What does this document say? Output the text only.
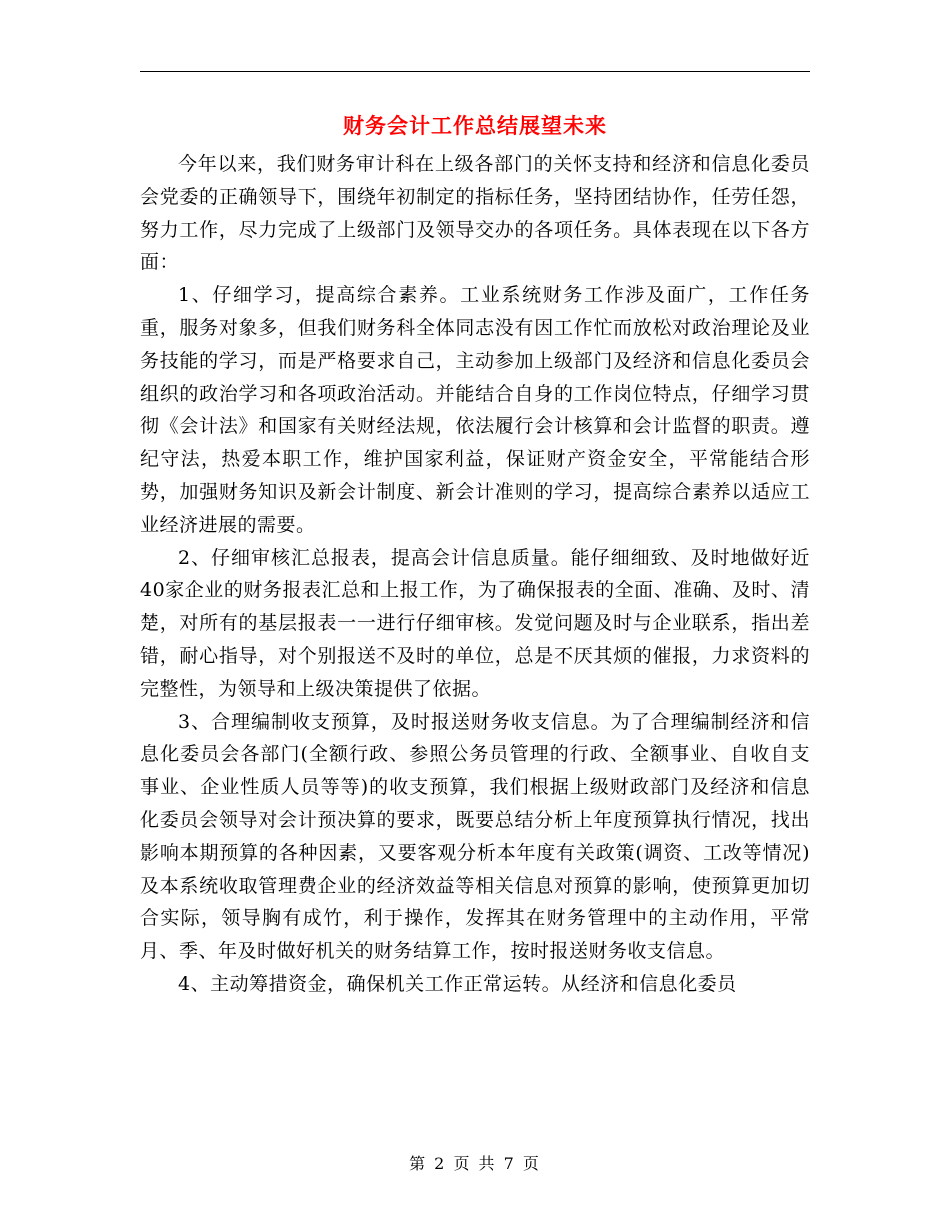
财务会计工作总结展望未来

今年以来，我们财务审计科在上级各部门的关怀支持和经济和信息化委员会党委的正确领导下，围绕年初制定的指标任务，坚持团结协作，任劳任怨，努力工作，尽力完成了上级部门及领导交办的各项任务。具体表现在以下各方面：

1、仔细学习，提高综合素养。工业系统财务工作涉及面广，工作任务重，服务对象多，但我们财务科全体同志没有因工作忙而放松对政治理论及业务技能的学习，而是严格要求自己，主动参加上级部门及经济和信息化委员会组织的政治学习和各项政治活动。并能结合自身的工作岗位特点，仔细学习贯彻《会计法》和国家有关财经法规，依法履行会计核算和会计监督的职责。遵纪守法，热爱本职工作，维护国家利益，保证财产资金安全，平常能结合形势，加强财务知识及新会计制度、新会计准则的学习，提高综合素养以适应工业经济进展的需要。

2、仔细审核汇总报表，提高会计信息质量。能仔细细致、及时地做好近40家企业的财务报表汇总和上报工作，为了确保报表的全面、准确、及时、清楚，对所有的基层报表一一进行仔细审核。发觉问题及时与企业联系，指出差错，耐心指导，对个别报送不及时的单位，总是不厌其烦的催报，力求资料的完整性，为领导和上级决策提供了依据。

3、合理编制收支预算，及时报送财务收支信息。为了合理编制经济和信息化委员会各部门(全额行政、参照公务员管理的行政、全额事业、自收自支事业、企业性质人员等等)的收支预算，我们根据上级财政部门及经济和信息化委员会领导对会计预决算的要求，既要总结分析上年度预算执行情况，找出影响本期预算的各种因素，又要客观分析本年度有关政策(调资、工改等情况)及本系统收取管理费企业的经济效益等相关信息对预算的影响，使预算更加切合实际，领导胸有成竹，利于操作，发挥其在财务管理中的主动作用，平常月、季、年及时做好机关的财务结算工作，按时报送财务收支信息。

4、主动筹措资金，确保机关工作正常运转。从经济和信息化委员

第 2 页 共 7 页
